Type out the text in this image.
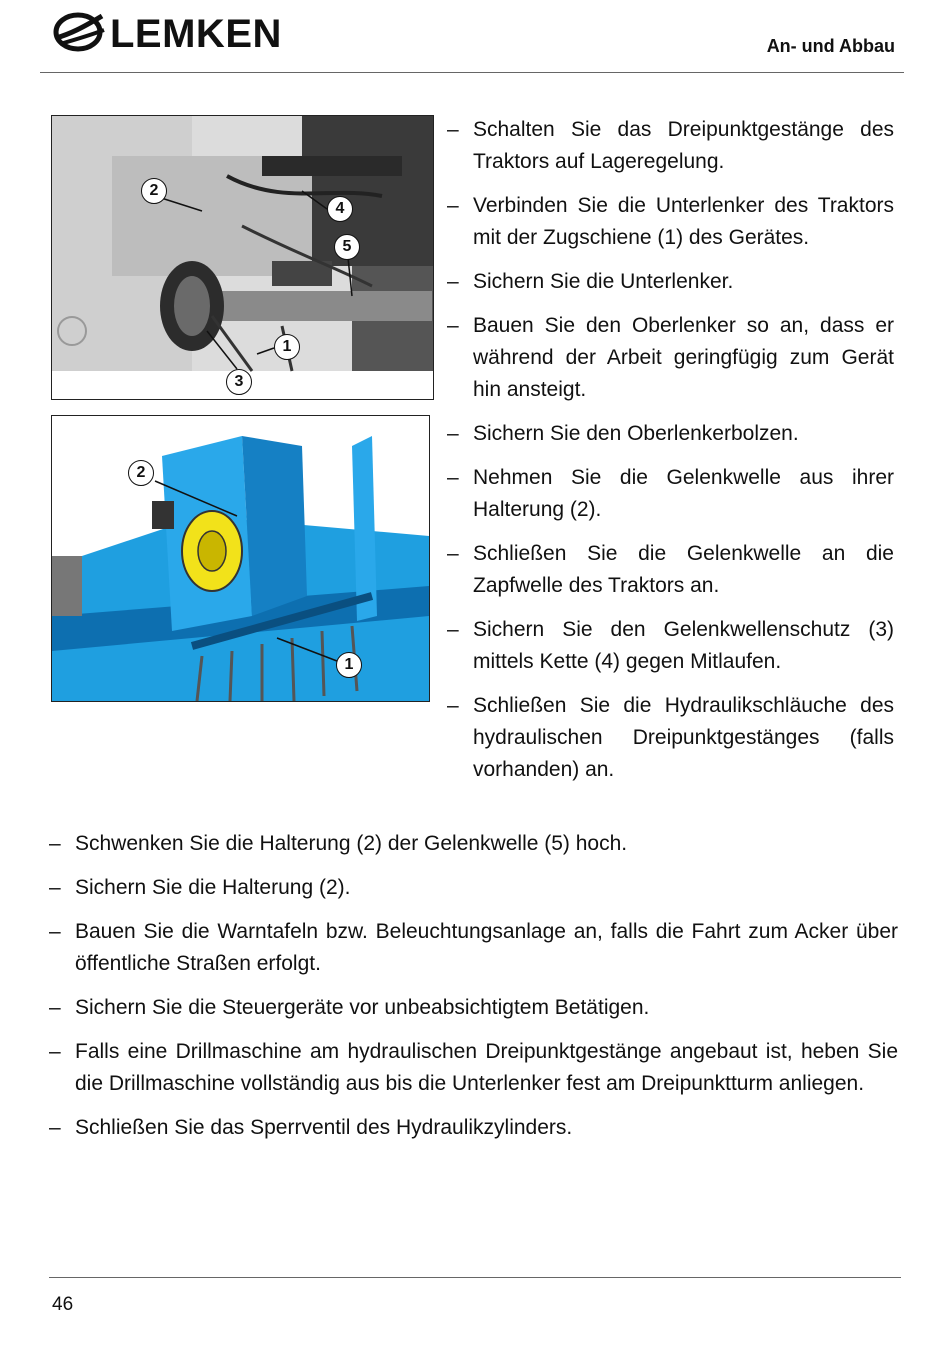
LEMKEN	An- und Abbau
2
4
5
1
3
2
1
– Schalten Sie das Dreipunktgestänge des Traktors auf Lageregelung.
– Verbinden Sie die Unterlenker des Traktors mit der Zugschiene (1) des Gerätes.
– Sichern Sie die Unterlenker.
– Bauen Sie den Oberlenker so an, dass er während der Arbeit geringfügig zum Gerät hin ansteigt.
– Sichern Sie den Oberlenkerbolzen.
– Nehmen Sie die Gelenkwelle aus ihrer Halterung (2).
– Schließen Sie die Gelenkwelle an die Zapfwelle des Traktors an.
– Sichern Sie den Gelenkwellenschutz (3) mittels Kette (4) gegen Mitlaufen.
– Schließen Sie die Hydraulikschläuche des hydraulischen Dreipunktgestänges (falls vorhanden) an.
– Schwenken Sie die Halterung (2) der Gelenkwelle (5) hoch.
– Sichern Sie die Halterung (2).
– Bauen Sie die Warntafeln bzw. Beleuchtungsanlage an, falls die Fahrt zum Acker über öffentliche Straßen erfolgt.
– Sichern Sie die Steuergeräte vor unbeabsichtigtem Betätigen.
– Falls eine Drillmaschine am hydraulischen Dreipunktgestänge angebaut ist, heben Sie die Drillmaschine vollständig aus bis die Unterlenker fest am Dreipunktturm anliegen.
– Schließen Sie das Sperrventil des Hydraulikzylinders.
46
